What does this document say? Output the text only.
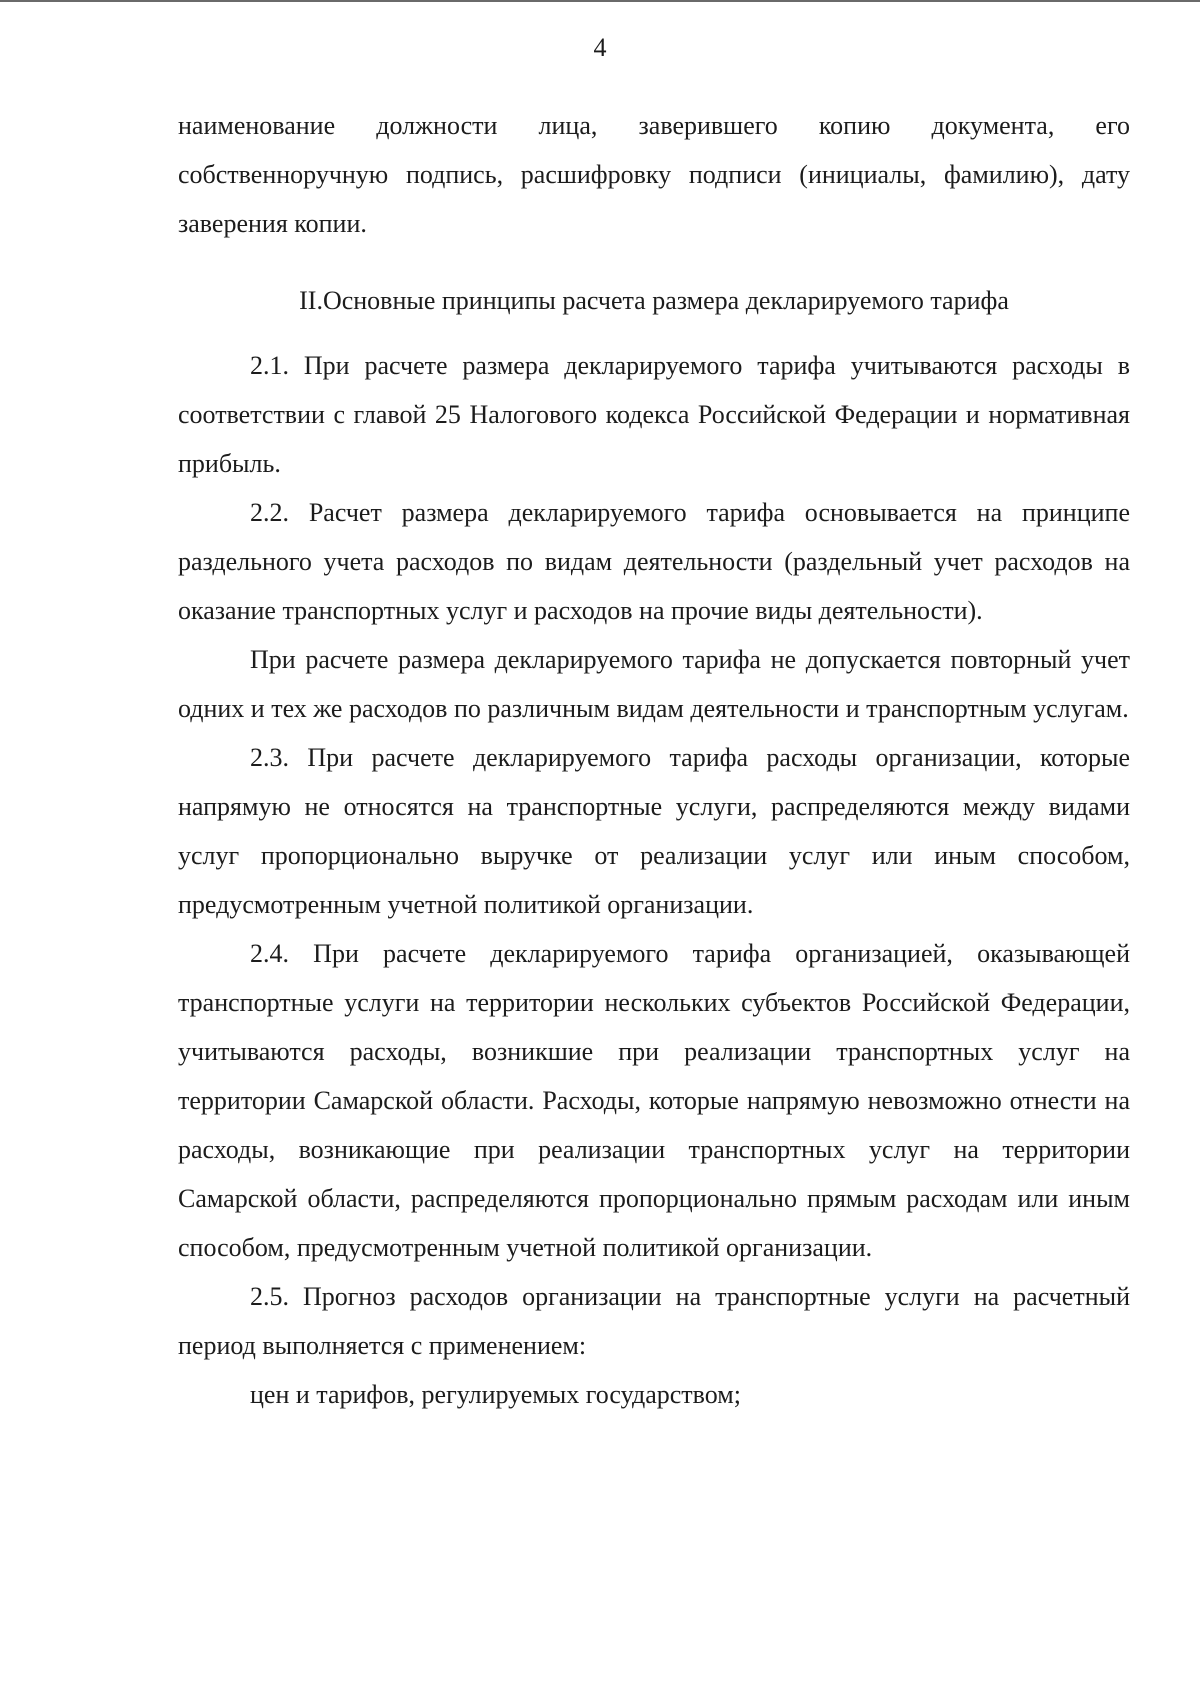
4

наименование должности лица, заверившего копию документа, его собственноручную подпись, расшифровку подписи (инициалы, фамилию), дату заверения копии.

II.Основные принципы расчета размера декларируемого тарифа

2.1. При расчете размера декларируемого тарифа учитываются расходы в соответствии с главой 25 Налогового кодекса Российской Федерации и нормативная прибыль.

2.2. Расчет размера декларируемого тарифа основывается на принципе раздельного учета расходов по видам деятельности (раздельный учет расходов на оказание транспортных услуг и расходов на прочие виды деятельности).

При расчете размера декларируемого тарифа не допускается повторный учет одних и тех же расходов по различным видам деятельности и транспортным услугам.

2.3. При расчете декларируемого тарифа расходы организации, которые напрямую не относятся на транспортные услуги, распределяются между видами услуг пропорционально выручке от реализации услуг или иным способом, предусмотренным учетной политикой организации.

2.4. При расчете декларируемого тарифа организацией, оказывающей транспортные услуги на территории нескольких субъектов Российской Федерации, учитываются расходы, возникшие при реализации транспортных услуг на территории Самарской области. Расходы, которые напрямую невозможно отнести на расходы, возникающие при реализации транспортных услуг на территории Самарской области, распределяются пропорционально прямым расходам или иным способом, предусмотренным учетной политикой организации.

2.5. Прогноз расходов организации на транспортные услуги на расчетный период выполняется с применением:

цен и тарифов, регулируемых государством;
